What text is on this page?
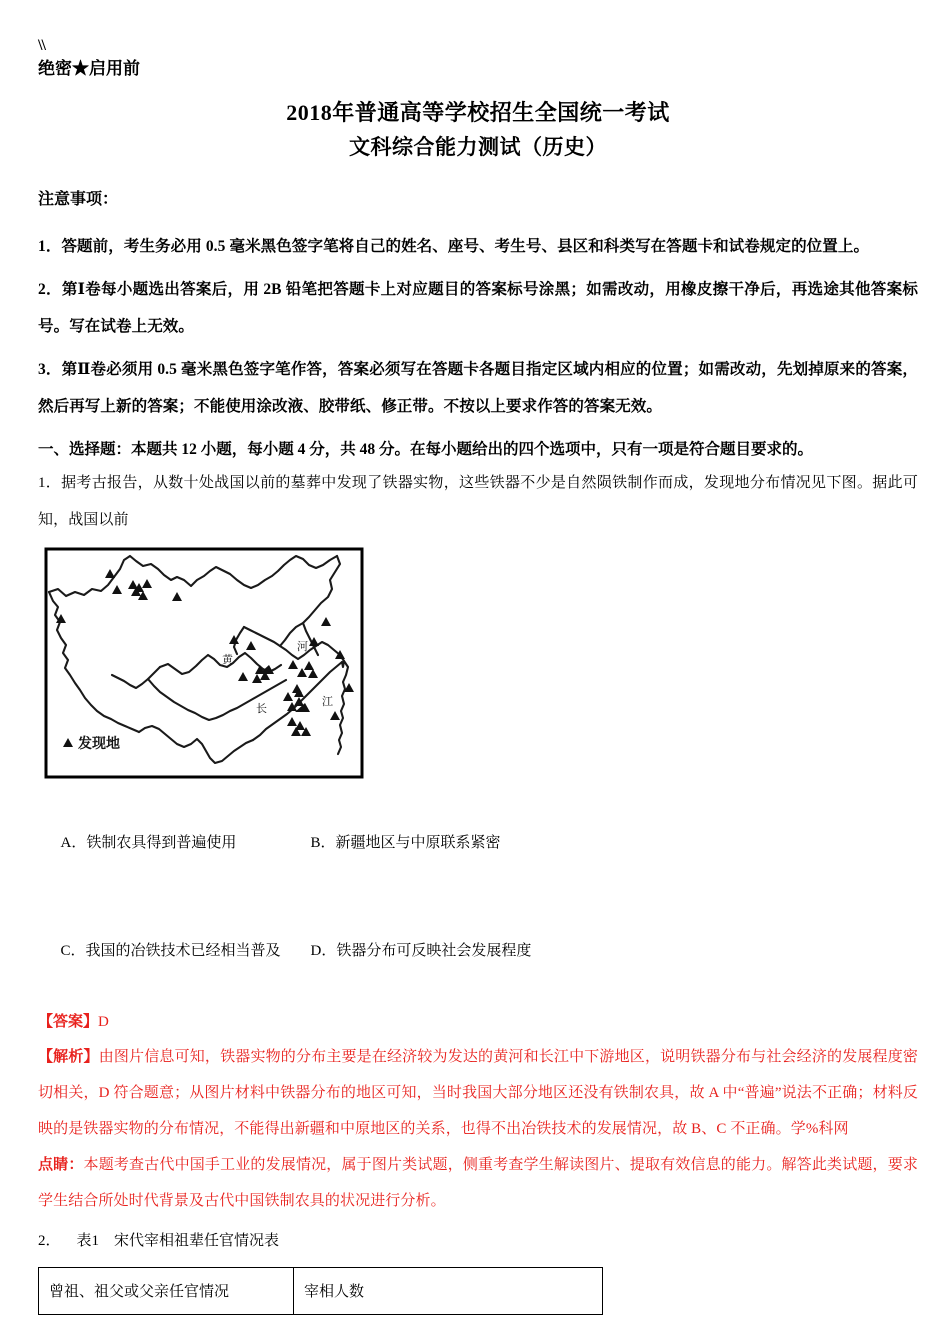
\\
绝密★启用前
2018年普通高等学校招生全国统一考试
文科综合能力测试（历史）
注意事项：
1．答题前，考生务必用 0.5 毫米黑色签字笔将自己的姓名、座号、考生号、县区和科类写在答题卡和试卷规定的位置上。
2．第Ⅰ卷每小题选出答案后，用 2B 铅笔把答题卡上对应题目的答案标号涂黑；如需改动，用橡皮擦干净后，再选途其他答案标号。写在试卷上无效。
3．第Ⅱ卷必须用 0.5 毫米黑色签字笔作答，答案必须写在答题卡各题目指定区域内相应的位置；如需改动，先划掉原来的答案，然后再写上新的答案；不能使用涂改液、胶带纸、修正带。不按以上要求作答的答案无效。
一、选择题：本题共 12 小题，每小题 4 分，共 48 分。在每小题给出的四个选项中，只有一项是符合题目要求的。
1．据考古报告，从数十处战国以前的墓葬中发现了铁器实物，这些铁器不少是自然陨铁制作而成，发现地分布情况见下图。据此可知，战国以前
黄
河
长
江
发现地

A．铁制农具得到普遍使用	B．新疆地区与中原联系紧密

C．我国的冶铁技术已经相当普及 D．铁器分布可反映社会发展程度

【答案】D
【解析】由图片信息可知，铁器实物的分布主要是在经济较为发达的黄河和长江中下游地区，说明铁器分布与社会经济的发展程度密切相关，D 符合题意；从图片材料中铁器分布的地区可知，当时我国大部分地区还没有铁制农具，故 A 中“普遍”说法不正确；材料反映的是铁器实物的分布情况，不能得出新疆和中原地区的关系，也得不出冶铁技术的发展情况，故 B、C 不正确。学%科网
点睛：本题考查古代中国手工业的发展情况，属于图片类试题，侧重考查学生解读图片、提取有效信息的能力。解答此类试题，要求学生结合所处时代背景及古代中国铁制农具的状况进行分析。
2． 表1　宋代宰相祖辈任官情况表
曾祖、祖父或父亲任官情况	宰相人数
